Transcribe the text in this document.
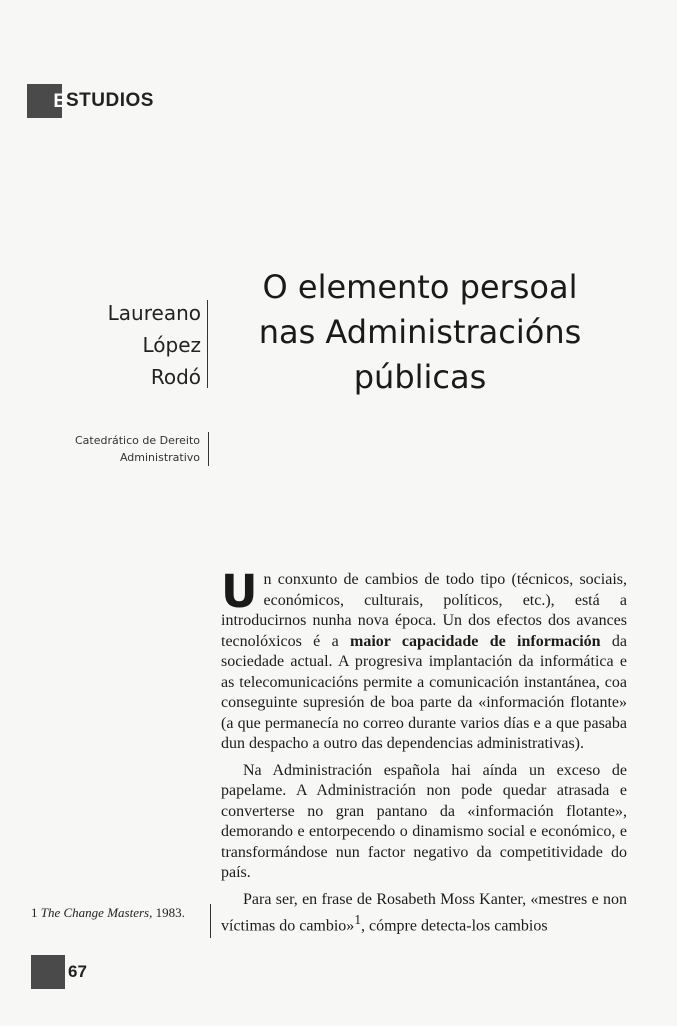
E STUDIOS
Laureano
López
Rodó
O elemento persoal
nas Administracións
públicas
Catedrático de Dereito
Administrativo

Un conxunto de cambios de todo tipo (técnicos, sociais, económicos, culturais, políticos, etc.), está a introducirnos nunha nova época. Un dos efectos dos avances tecnolóxicos é a maior capacidade de información da sociedade actual. A progresiva implantación da informática e as telecomunicacións permite a comunicación instantánea, coa conseguinte supresión de boa parte da «información flotante» (a que permanecía no correo durante varios días e a que pasaba dun despacho a outro das dependencias administrativas).

Na Administración española hai aínda un exceso de papelame. A Administración non pode quedar atrasada e converterse no gran pantano da «información flotante», demorando e entorpecendo o dinamismo social e económico, e transformándose nun factor negativo da competitividade do país.

Para ser, en frase de Rosabeth Moss Kanter, «mestres e non víctimas do cambio»$^1$, cómpre detecta-los cambios

1 The Change Masters, 1983.
67
